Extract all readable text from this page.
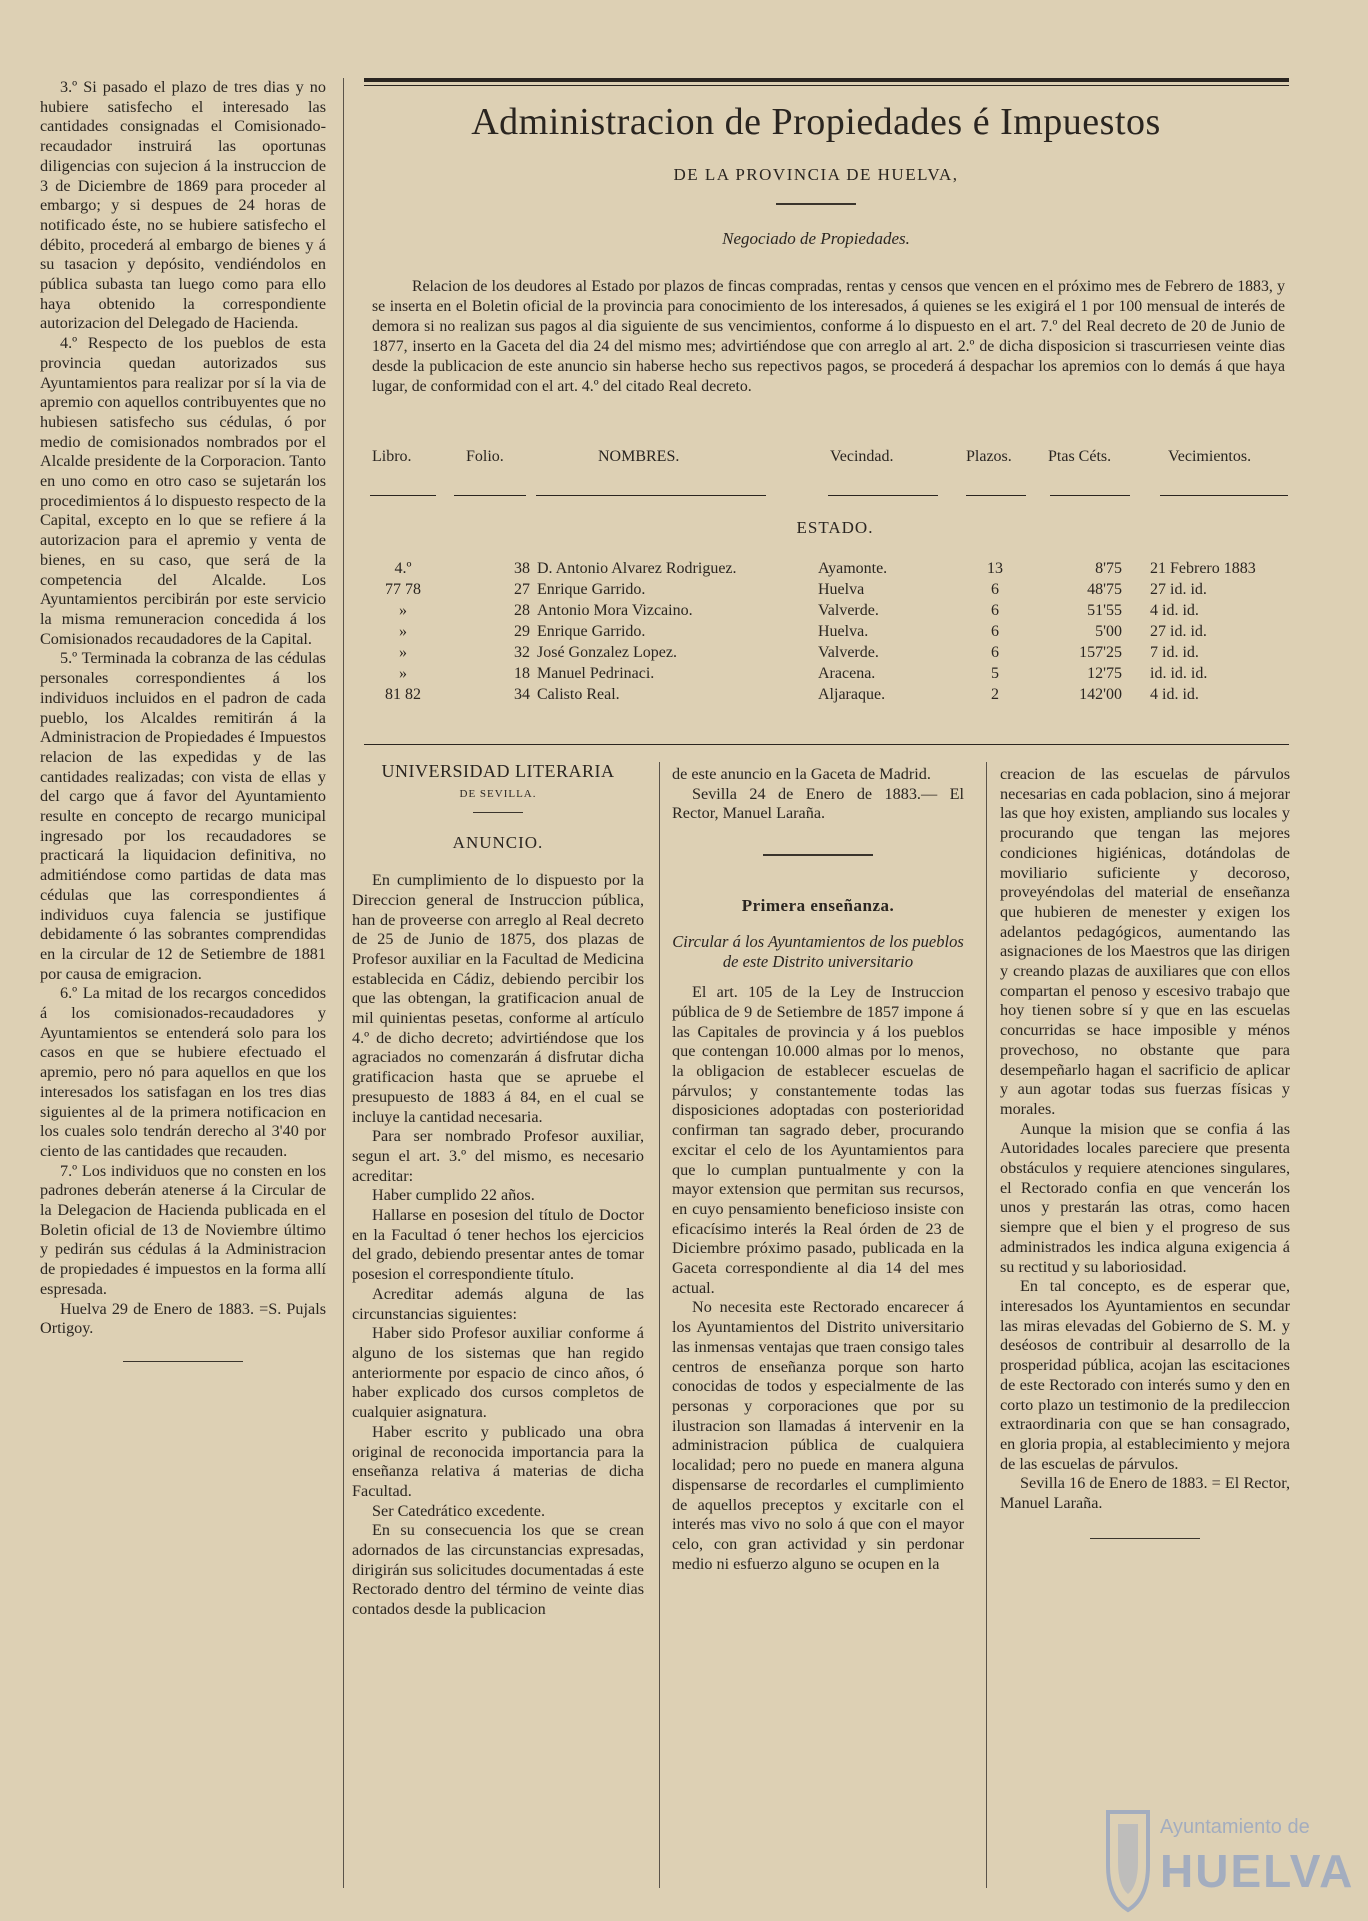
3.º Si pasado el plazo de tres dias y no hubiere satisfecho el interesado las cantidades consignadas el Comisionado-recaudador instruirá las oportunas diligencias con sujecion á la instruccion de 3 de Diciembre de 1869 para proceder al embargo; y si despues de 24 horas de notificado éste, no se hubiere satisfecho el débito, procederá al embargo de bienes y á su tasacion y depósito, vendiéndolos en pública subasta tan luego como para ello haya obtenido la correspondiente autorizacion del Delegado de Hacienda.

4.º Respecto de los pueblos de esta provincia quedan autorizados sus Ayuntamientos para realizar por sí la via de apremio con aquellos contribuyentes que no hubiesen satisfecho sus cédulas, ó por medio de comisionados nombrados por el Alcalde presidente de la Corporacion. Tanto en uno como en otro caso se sujetarán los procedimientos á lo dispuesto respecto de la Capital, excepto en lo que se refiere á la autorizacion para el apremio y venta de bienes, en su caso, que será de la competencia del Alcalde. Los Ayuntamientos percibirán por este servicio la misma remuneracion concedida á los Comisionados recaudadores de la Capital.

5.º Terminada la cobranza de las cédulas personales correspondientes á los individuos incluidos en el padron de cada pueblo, los Alcaldes remitirán á la Administracion de Propiedades é Impuestos relacion de las expedidas y de las cantidades realizadas; con vista de ellas y del cargo que á favor del Ayuntamiento resulte en concepto de recargo municipal ingresado por los recaudadores se practicará la liquidacion definitiva, no admitiéndose como partidas de data mas cédulas que las correspondientes á individuos cuya falencia se justifique debidamente ó las sobrantes comprendidas en la circular de 12 de Setiembre de 1881 por causa de emigracion.

6.º La mitad de los recargos concedidos á los comisionados-recaudadores y Ayuntamientos se entenderá solo para los casos en que se hubiere efectuado el apremio, pero nó para aquellos en que los interesados los satisfagan en los tres dias siguientes al de la primera notificacion en los cuales solo tendrán derecho al 3'40 por ciento de las cantidades que recauden.

7.º Los individuos que no consten en los padrones deberán atenerse á la Circular de la Delegacion de Hacienda publicada en el Boletin oficial de 13 de Noviembre último y pedirán sus cédulas á la Administracion de propiedades é impuestos en la forma allí espresada.

Huelva 29 de Enero de 1883. =S. Pujals Ortigoy.

Administracion de Propiedades é Impuestos
DE LA PROVINCIA DE HUELVA,
Negociado de Propiedades.

Relacion de los deudores al Estado por plazos de fincas compradas, rentas y censos que vencen en el próximo mes de Febrero de 1883, y se inserta en el Boletin oficial de la provincia para conocimiento de los interesados, á quienes se les exigirá el 1 por 100 mensual de interés de demora si no realizan sus pagos al dia siguiente de sus vencimientos, conforme á lo dispuesto en el art. 7.º del Real decreto de 20 de Junio de 1877, inserto en la Gaceta del dia 24 del mismo mes; advirtiéndose que con arreglo al art. 2.º de dicha disposicion si trascurriesen veinte dias desde la publicacion de este anuncio sin haberse hecho sus repectivos pagos, se procederá á despachar los apremios con lo demás á que haya lugar, de conformidad con el art. 4.º del citado Real decreto.

Libro.	Folio.	NOMBRES.	Vecindad.	Plazos. Ptas Céts.	Vecimientos.
ESTADO.
4.º	38 D. Antonio Alvarez Rodriguez.	Ayamonte.	13	8'75 21 Febrero 1883
77 78	27 Enrique Garrido.	Huelva	6	48'75 27 id. id.
»	28 Antonio Mora Vizcaino.	Valverde.	6	51'55 4 id. id.
»	29 Enrique Garrido.	Huelva.	6	5'00 27 id. id.
»	32 José Gonzalez Lopez.	Valverde.	6	157'25 7 id. id.
»	18 Manuel Pedrinaci.	Aracena.	5	12'75 id. id. id.
81 82	34 Calisto Real.	Aljaraque.	2	142'00 4 id. id.
UNIVERSIDAD LITERARIA
DE SEVILLA.
ANUNCIO.

En cumplimiento de lo dispuesto por la Direccion general de Instruccion pública, han de proveerse con arreglo al Real decreto de 25 de Junio de 1875, dos plazas de Profesor auxiliar en la Facultad de Medicina establecida en Cádiz, debiendo percibir los que las obtengan, la gratificacion anual de mil quinientas pesetas, conforme al artículo 4.º de dicho decreto; advirtiéndose que los agraciados no comenzarán á disfrutar dicha gratificacion hasta que se apruebe el presupuesto de 1883 á 84, en el cual se incluye la cantidad necesaria.

Para ser nombrado Profesor auxiliar, segun el art. 3.º del mismo, es necesario acreditar:

Haber cumplido 22 años.

Hallarse en posesion del título de Doctor en la Facultad ó tener hechos los ejercicios del grado, debiendo presentar antes de tomar posesion el correspondiente título.

Acreditar además alguna de las circunstancias siguientes:

Haber sido Profesor auxiliar conforme á alguno de los sistemas que han regido anteriormente por espacio de cinco años, ó haber explicado dos cursos completos de cualquier asignatura.

Haber escrito y publicado una obra original de reconocida importancia para la enseñanza relativa á materias de dicha Facultad.

Ser Catedrático excedente.

En su consecuencia los que se crean adornados de las circunstancias expresadas, dirigirán sus solicitudes documentadas á este Rectorado dentro del término de veinte dias contados desde la publicacion

de este anuncio en la Gaceta de Madrid.

Sevilla 24 de Enero de 1883.— El Rector, Manuel Laraña.

Primera enseñanza.
Circular á los Ayuntamientos de los pueblos de este Distrito universitario

El art. 105 de la Ley de Instruccion pública de 9 de Setiembre de 1857 impone á las Capitales de provincia y á los pueblos que contengan 10.000 almas por lo menos, la obligacion de establecer escuelas de párvulos; y constantemente todas las disposiciones adoptadas con posterioridad confirman tan sagrado deber, procurando excitar el celo de los Ayuntamientos para que lo cumplan puntualmente y con la mayor extension que permitan sus recursos, en cuyo pensamiento beneficioso insiste con eficacísimo interés la Real órden de 23 de Diciembre próximo pasado, publicada en la Gaceta correspondiente al dia 14 del mes actual.

No necesita este Rectorado encarecer á los Ayuntamientos del Distrito universitario las inmensas ventajas que traen consigo tales centros de enseñanza porque son harto conocidas de todos y especialmente de las personas y corporaciones que por su ilustracion son llamadas á intervenir en la administracion pública de cualquiera localidad; pero no puede en manera alguna dispensarse de recordarles el cumplimiento de aquellos preceptos y excitarle con el interés mas vivo no solo á que con el mayor celo, con gran actividad y sin perdonar medio ni esfuerzo alguno se ocupen en la

creacion de las escuelas de párvulos necesarias en cada poblacion, sino á mejorar las que hoy existen, ampliando sus locales y procurando que tengan las mejores condiciones higiénicas, dotándolas de moviliario suficiente y decoroso, proveyéndolas del material de enseñanza que hubieren de menester y exigen los adelantos pedagógicos, aumentando las asignaciones de los Maestros que las dirigen y creando plazas de auxiliares que con ellos compartan el penoso y escesivo trabajo que hoy tienen sobre sí y que en las escuelas concurridas se hace imposible y ménos provechoso, no obstante que para desempeñarlo hagan el sacrificio de aplicar y aun agotar todas sus fuerzas físicas y morales.

Aunque la mision que se confia á las Autoridades locales pareciere que presenta obstáculos y requiere atenciones singulares, el Rectorado confia en que vencerán los unos y prestarán las otras, como hacen siempre que el bien y el progreso de sus administrados les indica alguna exigencia á su rectitud y su laboriosidad.

En tal concepto, es de esperar que, interesados los Ayuntamientos en secundar las miras elevadas del Gobierno de S. M. y deséosos de contribuir al desarrollo de la prosperidad pública, acojan las escitaciones de este Rectorado con interés sumo y den en corto plazo un testimonio de la predileccion extraordinaria con que se han consagrado, en gloria propia, al establecimiento y mejora de las escuelas de párvulos.

Sevilla 16 de Enero de 1883. = El Rector, Manuel Laraña.

Ayuntamiento de
HUELVA
